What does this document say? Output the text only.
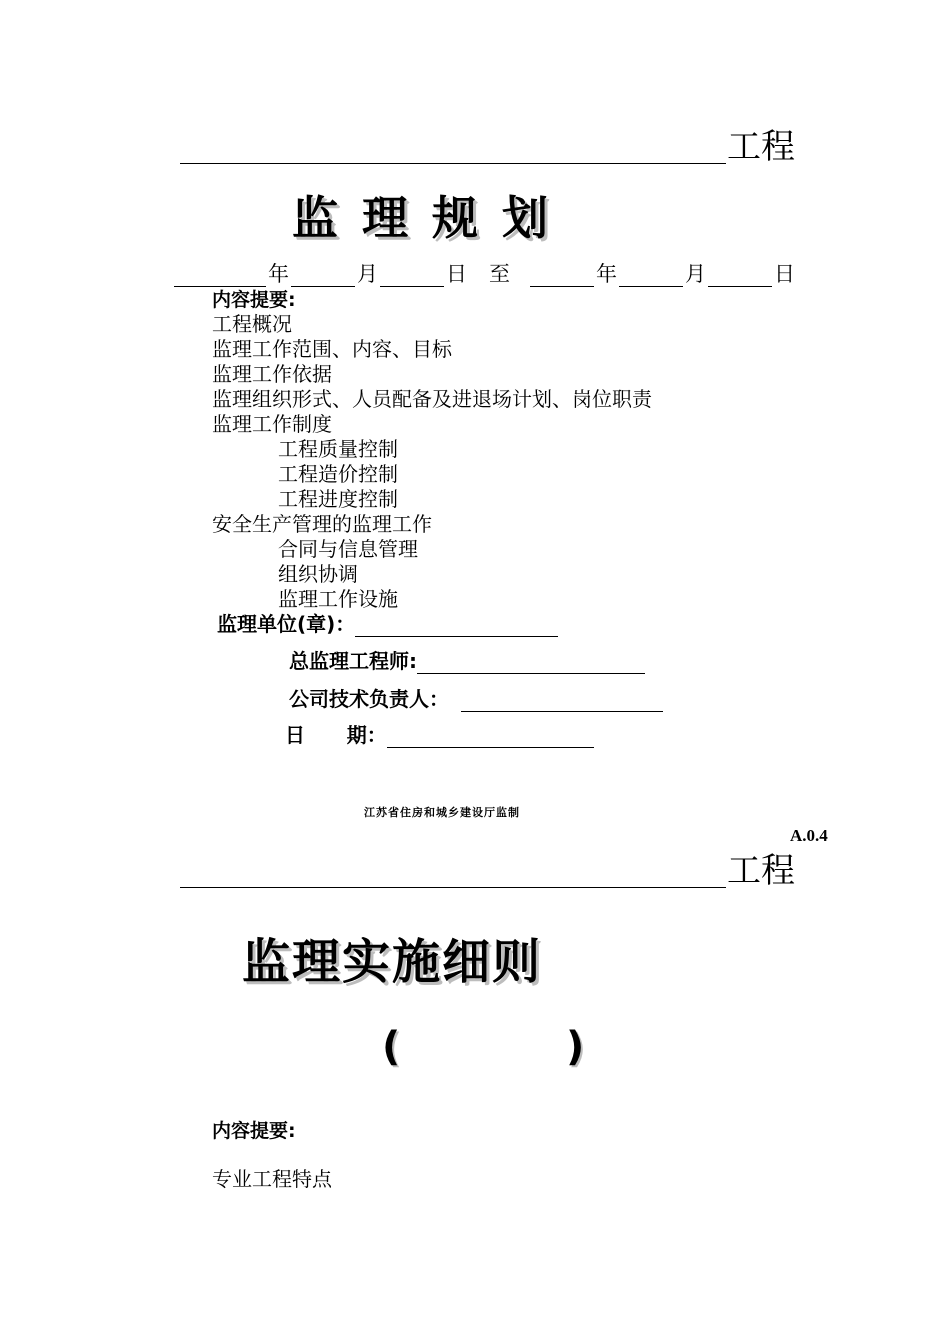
工程
监 理 规 划
年	月	日 至	年	月	日
内容提要:
工程概况
监理工作范围、内容、目标
监理工作依据
监理组织形式、人员配备及进退场计划、岗位职责
监理工作制度
工程质量控制
工程造价控制
工程进度控制
安全生产管理的监理工作
合同与信息管理
组织协调
监理工作设施
监理单位(章)：
总监理工程师:
公司技术负责人：
日      期：
江苏省住房和城乡建设厅监制
A.0.4
工程
监理实施细则
(	)
内容提要:
专业工程特点
